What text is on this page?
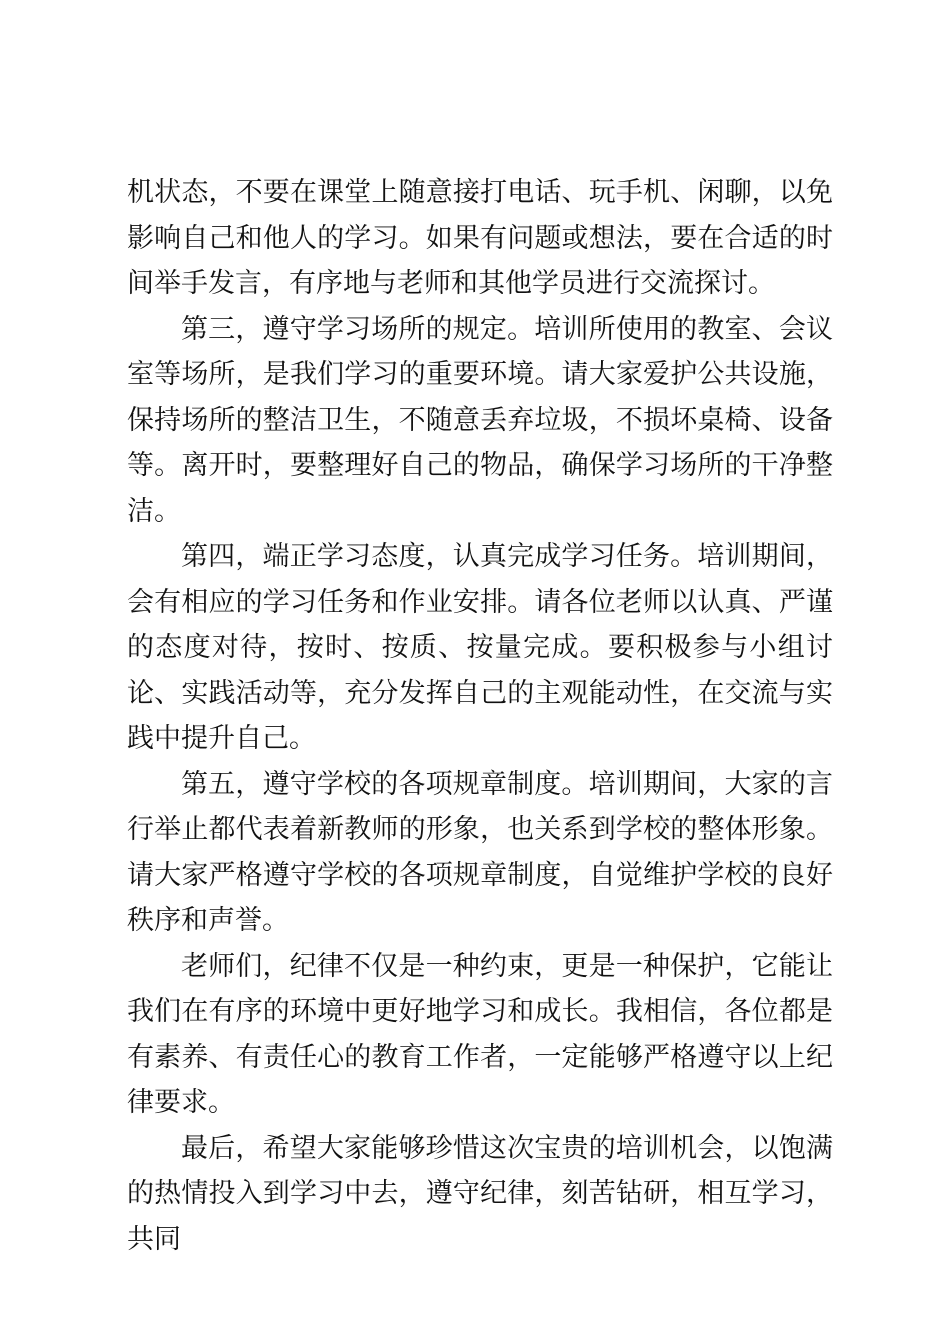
机状态，不要在课堂上随意接打电话、玩手机、闲聊，以免影响自己和他人的学习。如果有问题或想法，要在合适的时间举手发言，有序地与老师和其他学员进行交流探讨。

第三，遵守学习场所的规定。培训所使用的教室、会议室等场所，是我们学习的重要环境。请大家爱护公共设施，保持场所的整洁卫生，不随意丢弃垃圾，不损坏桌椅、设备等。离开时，要整理好自己的物品，确保学习场所的干净整洁。

第四，端正学习态度，认真完成学习任务。培训期间，会有相应的学习任务和作业安排。请各位老师以认真、严谨的态度对待，按时、按质、按量完成。要积极参与小组讨论、实践活动等，充分发挥自己的主观能动性，在交流与实践中提升自己。

第五，遵守学校的各项规章制度。培训期间，大家的言行举止都代表着新教师的形象，也关系到学校的整体形象。请大家严格遵守学校的各项规章制度，自觉维护学校的良好秩序和声誉。

老师们，纪律不仅是一种约束，更是一种保护，它能让我们在有序的环境中更好地学习和成长。我相信，各位都是有素养、有责任心的教育工作者，一定能够严格遵守以上纪律要求。

最后，希望大家能够珍惜这次宝贵的培训机会，以饱满的热情投入到学习中去，遵守纪律，刻苦钻研，相互学习，共同
